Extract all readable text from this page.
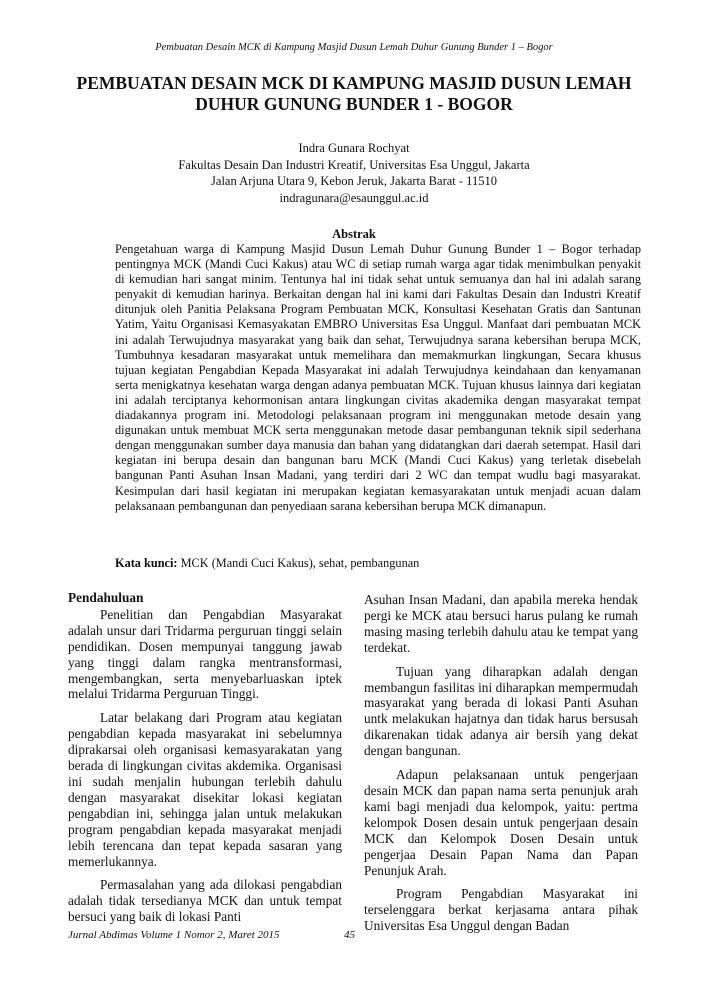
Pembuatan Desain MCK di Kampung Masjid Dusun Lemah Duhur Gunung Bunder 1 – Bogor
PEMBUATAN DESAIN MCK DI KAMPUNG MASJID DUSUN LEMAH
DUHUR GUNUNG BUNDER 1 - BOGOR
Indra Gunara Rochyat
Fakultas Desain Dan Industri Kreatif, Universitas Esa Unggul, Jakarta
Jalan Arjuna Utara 9, Kebon Jeruk, Jakarta Barat - 11510
indragunara@esaunggul.ac.id
Abstrak
Pengetahuan warga di Kampung Masjid Dusun Lemah Duhur Gunung Bunder 1 – Bogor terhadap pentingnya MCK (Mandi Cuci Kakus) atau WC di setiap rumah warga agar tidak menimbulkan penyakit di kemudian hari sangat minim. Tentunya hal ini tidak sehat untuk semuanya dan hal ini adalah sarang penyakit di kemudian harinya. Berkaitan dengan hal ini kami dari Fakultas Desain dan Industri Kreatif ditunjuk oleh Panitia Pelaksana Program Pembuatan MCK, Konsultasi Kesehatan Gratis dan Santunan Yatim, Yaitu Organisasi Kemasyakatan EMBRO Universitas Esa Unggul. Manfaat dari pembuatan MCK ini adalah Terwujudnya masyarakat yang baik dan sehat, Terwujudnya sarana kebersihan berupa MCK, Tumbuhnya kesadaran masyarakat untuk memelihara dan memakmurkan lingkungan, Secara khusus tujuan kegiatan Pengabdian Kepada Masyarakat ini adalah Terwujudnya keindahaan dan kenyamanan serta menigkatnya kesehatan warga dengan adanya pembuatan MCK. Tujuan khusus lainnya dari kegiatan ini adalah terciptanya kehormonisan antara lingkungan civitas akademika dengan masyarakat tempat diadakannya program ini. Metodologi pelaksanaan program ini menggunakan metode desain yang digunakan untuk membuat MCK serta menggunakan metode dasar pembangunan teknik sipil sederhana dengan menggunakan sumber daya manusia dan bahan yang didatangkan dari daerah setempat. Hasil dari kegiatan ini berupa desain dan bangunan baru MCK (Mandi Cuci Kakus) yang terletak disebelah bangunan Panti Asuhan Insan Madani, yang terdiri dari 2 WC dan tempat wudlu bagi masyarakat. Kesimpulan dari hasil kegiatan ini merupakan kegiatan kemasyarakatan untuk menjadi acuan dalam pelaksanaan pembangunan dan penyediaan sarana kebersihan berupa MCK dimanapun.
Kata kunci: MCK (Mandi Cuci Kakus), sehat, pembangunan
Pendahuluan

Penelitian dan Pengabdian Masyarakat adalah unsur dari Tridarma perguruan tinggi selain pendidikan. Dosen mempunyai tanggung jawab yang tinggi dalam rangka mentransformasi, mengembangkan, serta menyebarluaskan iptek melalui Tridarma Perguruan Tinggi.

Latar belakang dari Program atau kegiatan pengabdian kepada masyarakat ini sebelumnya diprakarsai oleh organisasi kemasyarakatan yang berada di lingkungan civitas akdemika. Organisasi ini sudah menjalin hubungan terlebih dahulu dengan masyarakat disekitar lokasi kegiatan pengabdian ini, sehingga jalan untuk melakukan program pengabdian kepada masyarakat menjadi lebih terencana dan tepat kepada sasaran yang memerlukannya.

Permasalahan yang ada dilokasi pengabdian adalah tidak tersedianya MCK dan untuk tempat bersuci yang baik di lokasi Panti

Asuhan Insan Madani, dan apabila mereka hendak pergi ke MCK atau bersuci harus pulang ke rumah masing masing terlebih dahulu atau ke tempat yang terdekat.

Tujuan yang diharapkan adalah dengan membangun fasilitas ini diharapkan mempermudah masyarakat yang berada di lokasi Panti Asuhan untk melakukan hajatnya dan tidak harus bersusah dikarenakan tidak adanya air bersih yang dekat dengan bangunan.

Adapun pelaksanaan untuk pengerjaan desain MCK dan papan nama serta penunjuk arah kami bagi menjadi dua kelompok, yaitu: pertma kelompok Dosen desain untuk pengerjaan desain MCK dan Kelompok Dosen Desain untuk pengerjaa Desain Papan Nama dan Papan Penunjuk Arah.

Program Pengabdian Masyarakat ini terselenggara berkat kerjasama antara pihak Universitas Esa Unggul dengan Badan

Jurnal Abdimas Volume 1 Nomor 2, Maret 2015	45
